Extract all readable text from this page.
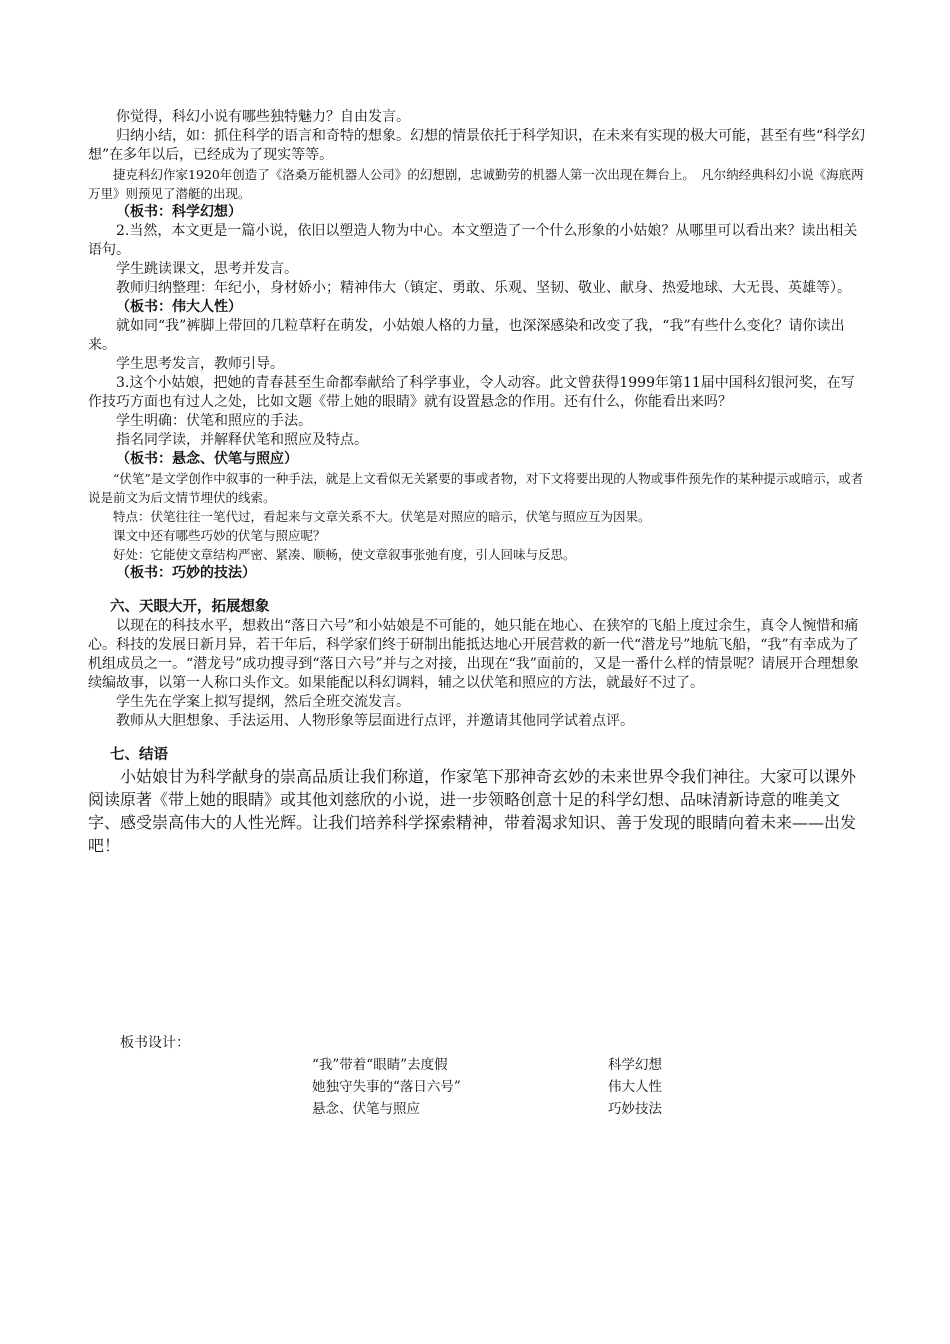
你觉得，科幻小说有哪些独特魅力？自由发言。

归纳小结，如：抓住科学的语言和奇特的想象。幻想的情景依托于科学知识，在未来有实现的极大可能，甚至有些“科学幻想”在多年以后，已经成为了现实等等。

捷克科幻作家1920年创造了《洛桑万能机器人公司》的幻想剧，忠诚勤劳的机器人第一次出现在舞台上。　凡尔纳经典科幻小说《海底两万里》则预见了潜艇的出现。

（板书：科学幻想）

2.当然，本文更是一篇小说，依旧以塑造人物为中心。本文塑造了一个什么形象的小姑娘？从哪里可以看出来？读出相关语句。

学生跳读课文，思考并发言。

教师归纳整理：年纪小，身材娇小；精神伟大（镇定、勇敢、乐观、坚韧、敬业、献身、热爱地球、大无畏、英雄等）。

（板书：伟大人性）

就如同“我”裤脚上带回的几粒草籽在萌发，小姑娘人格的力量，也深深感染和改变了我，“我”有些什么变化？请你读出来。

学生思考发言，教师引导。

3.这个小姑娘，把她的青春甚至生命都奉献给了科学事业，令人动容。此文曾获得1999年第11届中国科幻银河奖，在写作技巧方面也有过人之处，比如文题《带上她的眼睛》就有设置悬念的作用。还有什么，你能看出来吗？

学生明确：伏笔和照应的手法。

指名同学读，并解释伏笔和照应及特点。

（板书：悬念、伏笔与照应）

“伏笔”是文学创作中叙事的一种手法，就是上文看似无关紧要的事或者物，对下文将要出现的人物或事件预先作的某种提示或暗示，或者说是前文为后文情节埋伏的线索。

特点：伏笔往往一笔代过，看起来与文章关系不大。伏笔是对照应的暗示，伏笔与照应互为因果。

课文中还有哪些巧妙的伏笔与照应呢？

好处：它能使文章结构严密、紧凑、顺畅，使文章叙事张弛有度，引人回味与反思。

（板书：巧妙的技法）

六、天眼大开，拓展想象

以现在的科技水平，想救出“落日六号”和小姑娘是不可能的，她只能在地心、在狭窄的飞船上度过余生，真令人惋惜和痛心。科技的发展日新月异，若干年后，科学家们终于研制出能抵达地心开展营救的新一代“潜龙号”地航飞船，“我”有幸成为了机组成员之一。“潜龙号”成功搜寻到“落日六号”并与之对接，出现在“我”面前的，又是一番什么样的情景呢？请展开合理想象续编故事，以第一人称口头作文。如果能配以科幻调料，辅之以伏笔和照应的方法，就最好不过了。

学生先在学案上拟写提纲，然后全班交流发言。

教师从大胆想象、手法运用、人物形象等层面进行点评，并邀请其他同学试着点评。

七、结语

小姑娘甘为科学献身的崇高品质让我们称道，作家笔下那神奇玄妙的未来世界令我们神往。大家可以课外阅读原著《带上她的眼睛》或其他刘慈欣的小说，进一步领略创意十足的科学幻想、品味清新诗意的唯美文字、感受崇高伟大的人性光辉。让我们培养科学探索精神，带着渴求知识、善于发现的眼睛向着未来——出发吧！

板书设计：
“我”带着“眼睛”去度假	科学幻想
她独守失事的“落日六号”	伟大人性
悬念、伏笔与照应	巧妙技法
